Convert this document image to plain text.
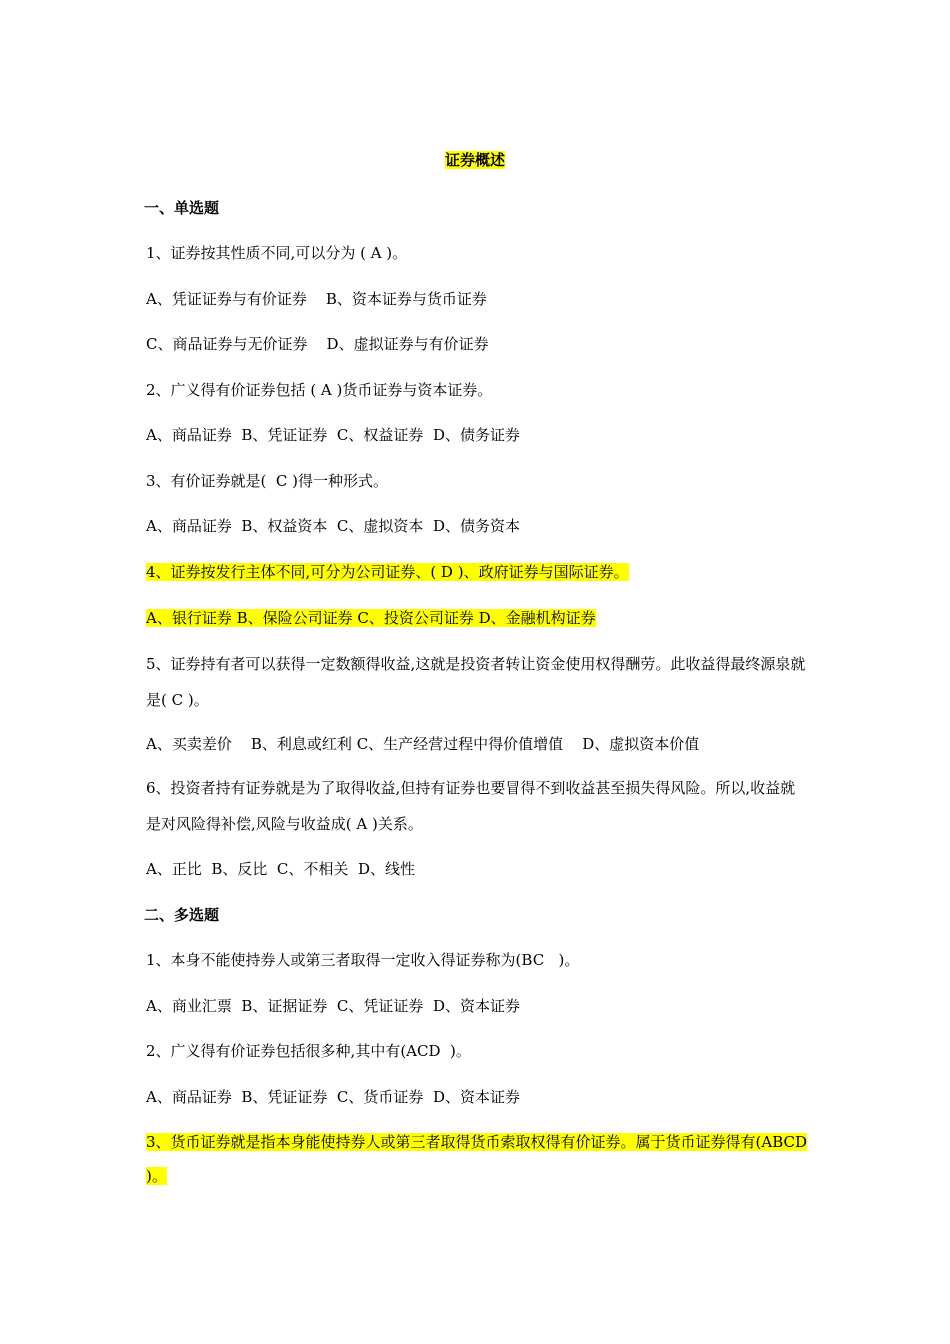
证券概述
一、单选题
1、证券按其性质不同,可以分为 ( A )。
A、凭证证券与有价证券    B、资本证券与货币证券
C、商品证券与无价证券    D、虚拟证券与有价证券
2、广义得有价证券包括 ( A )货币证券与资本证券。
A、商品证券  B、凭证证券  C、权益证券  D、债务证券
3、有价证券就是(  C )得一种形式。
A、商品证券  B、权益资本  C、虚拟资本  D、债务资本
4、证券按发行主体不同,可分为公司证券、( D )、政府证券与国际证券。
A、银行证券 B、保险公司证券 C、投资公司证券 D、金融机构证券
5、证券持有者可以获得一定数额得收益,这就是投资者转让资金使用权得酬劳。此收益得最终源泉就是( C )。
A、买卖差价    B、利息或红利 C、生产经营过程中得价值增值    D、虚拟资本价值
6、投资者持有证券就是为了取得收益,但持有证券也要冒得不到收益甚至损失得风险。所以,收益就是对风险得补偿,风险与收益成( A )关系。
A、正比  B、反比  C、不相关  D、线性
二、多选题
1、本身不能使持券人或第三者取得一定收入得证券称为(BC   )。
A、商业汇票  B、证据证券  C、凭证证券  D、资本证券
2、广义得有价证券包括很多种,其中有(ACD  )。
A、商品证券  B、凭证证券  C、货币证券  D、资本证券
3、货币证券就是指本身能使持券人或第三者取得货币索取权得有价证券。属于货币证券得有(ABCD )。
